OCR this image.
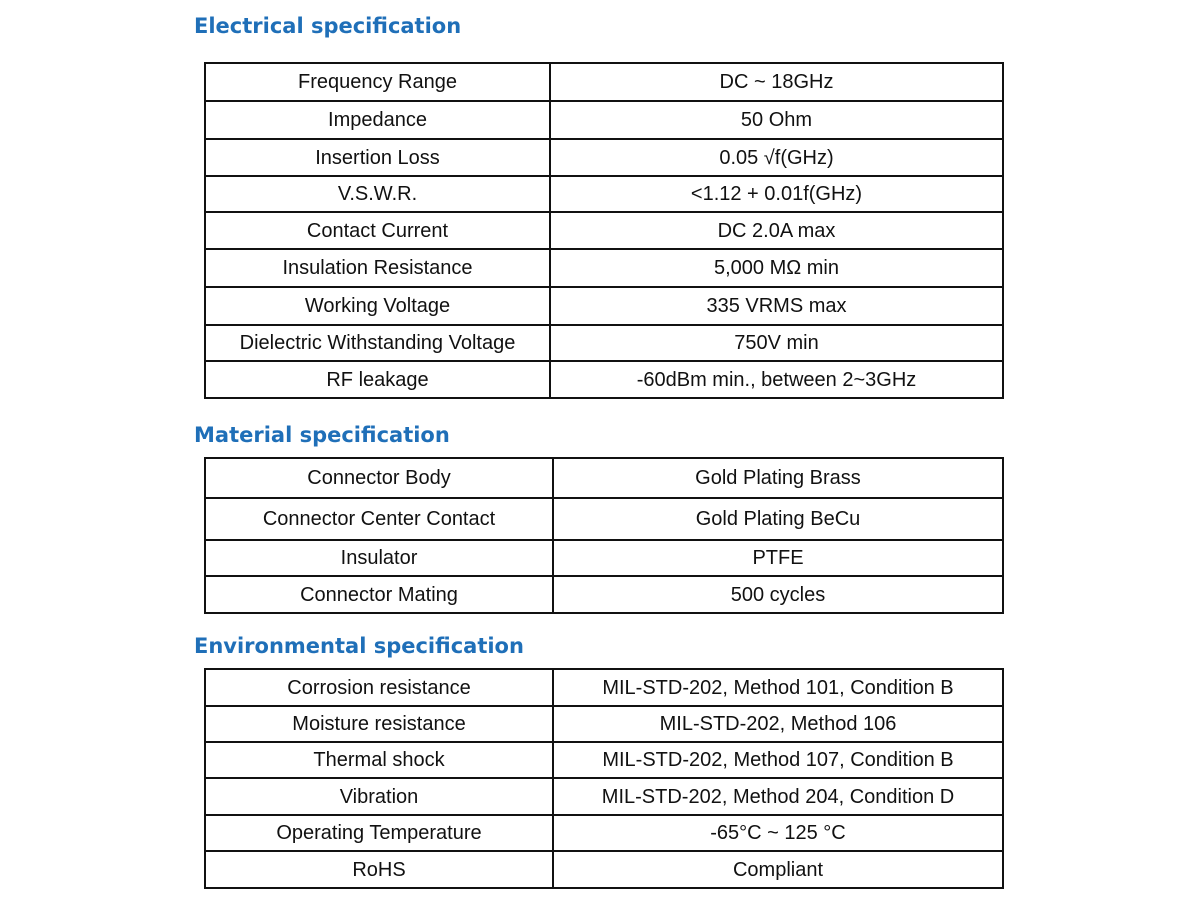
Electrical specification
Frequency Range	DC ~ 18GHz
Impedance	50 Ohm
Insertion Loss	0.05 √f(GHz)
V.S.W.R.	<1.12 + 0.01f(GHz)
Contact Current	DC 2.0A max
Insulation Resistance	5,000 MΩ min
Working Voltage	335 VRMS max
Dielectric Withstanding Voltage	750V min
RF leakage	-60dBm min., between 2~3GHz
Material specification
Connector Body	Gold Plating Brass
Connector Center Contact	Gold Plating BeCu
Insulator	PTFE
Connector Mating	500 cycles
Environmental specification
Corrosion resistance	MIL-STD-202, Method 101, Condition B
Moisture resistance	MIL-STD-202, Method 106
Thermal shock	MIL-STD-202, Method 107, Condition B
Vibration	MIL-STD-202, Method 204, Condition D
Operating Temperature	-65°C ~ 125 °C
RoHS	Compliant
